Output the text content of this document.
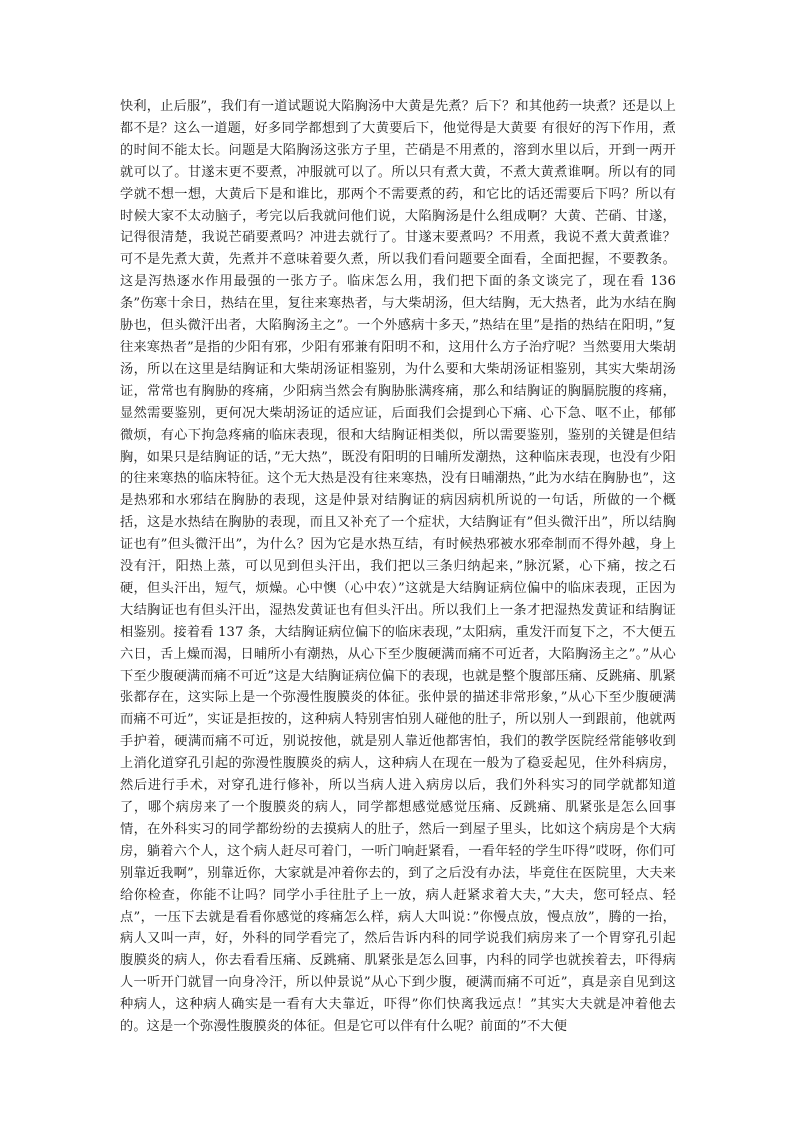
快利，止后服”，我们有一道试题说大陷胸汤中大黄是先煮？后下？和其他药一块煮？还是以上都不是？这么一道题，好多同学都想到了大黄要后下，他觉得是大黄要 有很好的泻下作用，煮的时间不能太长。问题是大陷胸汤这张方子里，芒硝是不用煮的，溶到水里以后，开到一两开就可以了。甘遂末更不要煮，冲服就可以了。所以只有煮大黄，不煮大黄煮谁啊。所以有的同学就不想一想，大黄后下是和谁比，那两个不需要煮的药，和它比的话还需要后下吗？所以有时候大家不太动脑子，考完以后我就问他们说，大陷胸汤是什么组成啊？大黄、芒硝、甘遂，记得很清楚，我说芒硝要煮吗？冲进去就行了。甘遂末要煮吗？不用煮，我说不煮大黄煮谁？可不是先煮大黄，先煮并不意味着要久煮，所以我们看问题要全面看，全面把握，不要教条。这是泻热逐水作用最强的一张方子。临床怎么用，我们把下面的条文谈完了，现在看 136 条”伤寒十余日，热结在里，复往来寒热者，与大柴胡汤，但大结胸，无大热者，此为水结在胸胁也，但头微汗出者，大陷胸汤主之”。一个外感病十多天，”热结在里”是指的热结在阳明，”复往来寒热者”是指的少阳有邪，少阳有邪兼有阳明不和，这用什么方子治疗呢？当然要用大柴胡汤，所以在这里是结胸证和大柴胡汤证相鉴别，为什么要和大柴胡汤证相鉴别，其实大柴胡汤证，常常也有胸胁的疼痛，少阳病当然会有胸胁胀满疼痛，那么和结胸证的胸膈脘腹的疼痛，显然需要鉴别，更何况大柴胡汤证的适应证，后面我们会提到心下痛、心下急、呕不止，郁郁微烦，有心下拘急疼痛的临床表现，很和大结胸证相类似，所以需要鉴别，鉴别的关键是但结胸，如果只是结胸证的话，”无大热”，既没有阳明的日晡所发潮热，这种临床表现，也没有少阳的往来寒热的临床特征。这个无大热是没有往来寒热，没有日晡潮热，”此为水结在胸胁也”，这是热邪和水邪结在胸胁的表现，这是仲景对结胸证的病因病机所说的一句话，所做的一个概括，这是水热结在胸胁的表现，而且又补充了一个症状，大结胸证有”但头微汗出”，所以结胸证也有”但头微汗出”，为什么？因为它是水热互结，有时候热邪被水邪牵制而不得外越，身上没有汗，阳热上蒸，可以见到但头汗出，我们把以三条归纳起来，”脉沉紧，心下痛，按之石硬，但头汗出，短气，烦燥。心中懊（心中农）”这就是大结胸证病位偏中的临床表现，正因为大结胸证也有但头汗出，湿热发黄证也有但头汗出。所以我们上一条才把湿热发黄证和结胸证相鉴别。接着看 137 条，大结胸证病位偏下的临床表现，”太阳病，重发汗而复下之，不大便五六日，舌上燥而渴，日晡所小有潮热，从心下至少腹硬满而痛不可近者，大陷胸汤主之”。”从心下至少腹硬满而痛不可近”这是大结胸证病位偏下的表现，也就是整个腹部压痛、反跳痛、肌紧张都存在，这实际上是一个弥漫性腹膜炎的体征。张仲景的描述非常形象，”从心下至少腹硬满而痛不可近”，实证是拒按的，这种病人特别害怕别人碰他的肚子，所以别人一到跟前，他就两手护着，硬满而痛不可近，别说按他，就是别人靠近他都害怕，我们的教学医院经常能够收到上消化道穿孔引起的弥漫性腹膜炎的病人，这种病人在现在一般为了稳妥起见，住外科病房，然后进行手术，对穿孔进行修补，所以当病人进入病房以后，我们外科实习的同学就都知道了，哪个病房来了一个腹膜炎的病人，同学都想感觉感觉压痛、反跳痛、肌紧张是怎么回事情，在外科实习的同学都纷纷的去摸病人的肚子，然后一到屋子里头，比如这个病房是个大病房，躺着六个人，这个病人赶尽可着门，一听门响赶紧看，一看年轻的学生吓得”哎呀，你们可别靠近我啊”，别靠近你，大家就是冲着你去的，到了之后没有办法，毕竟住在医院里，大夫来给你检查，你能不让吗？同学小手往肚子上一放，病人赶紧求着大夫，”大夫，您可轻点、轻点”，一压下去就是看看你感觉的疼痛怎么样，病人大叫说：”你慢点放，慢点放”，腾的一抬，病人又叫一声，好，外科的同学看完了，然后告诉内科的同学说我们病房来了一个胃穿孔引起腹膜炎的病人，你去看看压痛、反跳痛、肌紧张是怎么回事，内科的同学也就挨着去，吓得病人一听开门就冒一向身冷汗，所以仲景说”从心下到少腹，硬满而痛不可近”，真是亲自见到这种病人，这种病人确实是一看有大夫靠近，吓得”你们快离我远点！”其实大夫就是冲着他去的。这是一个弥漫性腹膜炎的体征。但是它可以伴有什么呢？前面的”不大便
